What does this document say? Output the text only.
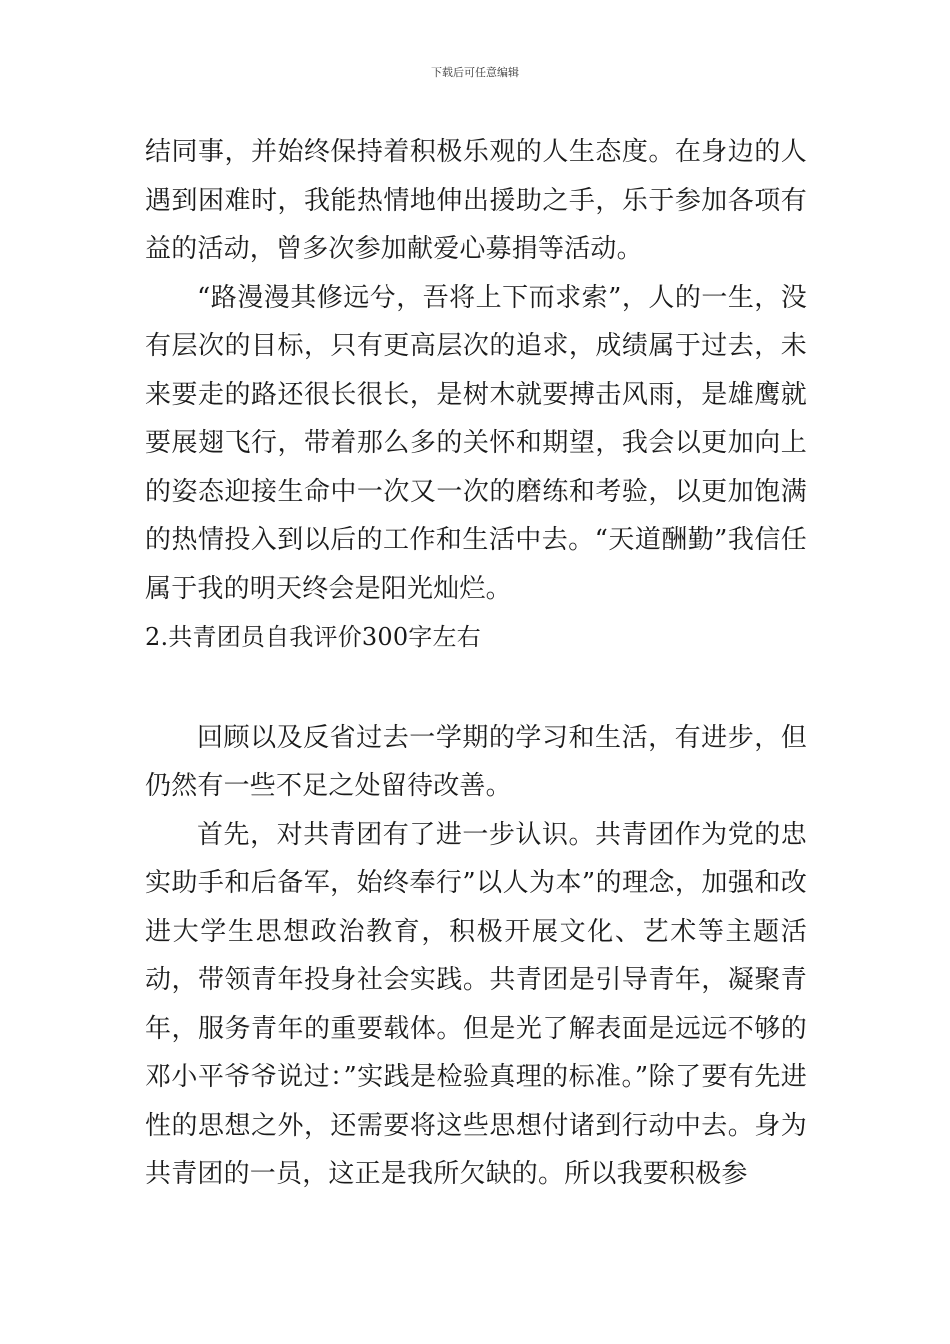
下载后可任意编辑

结同事，并始终保持着积极乐观的人生态度。在身边的人遇到困难时，我能热情地伸出援助之手，乐于参加各项有益的活动，曾多次参加献爱心募捐等活动。

“路漫漫其修远兮，吾将上下而求索”，人的一生，没有层次的目标，只有更高层次的追求，成绩属于过去，未来要走的路还很长很长，是树木就要搏击风雨，是雄鹰就要展翅飞行，带着那么多的关怀和期望，我会以更加向上的姿态迎接生命中一次又一次的磨练和考验，以更加饱满的热情投入到以后的工作和生活中去。“天道酬勤”我信任属于我的明天终会是阳光灿烂。

2.共青团员自我评价300字左右

回顾以及反省过去一学期的学习和生活，有进步，但仍然有一些不足之处留待改善。

首先，对共青团有了进一步认识。共青团作为党的忠实助手和后备军，始终奉行”以人为本”的理念，加强和改进大学生思想政治教育，积极开展文化、艺术等主题活动，带领青年投身社会实践。共青团是引导青年，凝聚青年，服务青年的重要载体。但是光了解表面是远远不够的邓小平爷爷说过：”实践是检验真理的标准。”除了要有先进性的思想之外，还需要将这些思想付诸到行动中去。身为共青团的一员，这正是我所欠缺的。所以我要积极参
